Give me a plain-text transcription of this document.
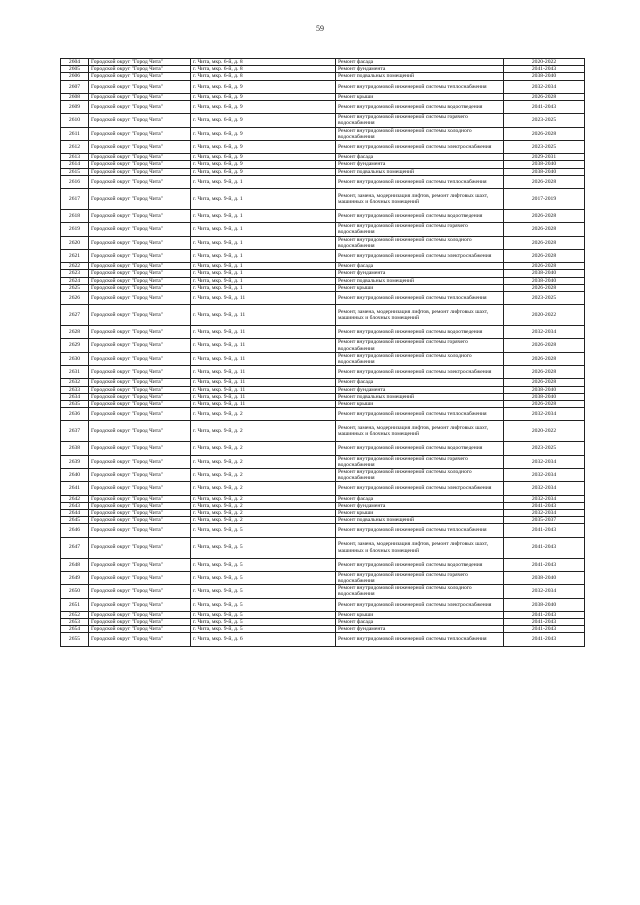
59
2604	Городской округ "Город Чита"	г. Чита, мкр. 6-й, д. 8	Ремонт фасада	2020-2022
2605	Городской округ "Город Чита"	г. Чита, мкр. 6-й, д. 8	Ремонт фундамента	2041-2043
2606	Городской округ "Город Чита"	г. Чита, мкр. 6-й, д. 8	Ремонт подвальных помещений	2038-2040
2607	Городской округ "Город Чита"	г. Чита, мкр. 6-й, д. 9	Ремонт внутридомовой инженерной системы теплоснабжения	2032-2034
2608	Городской округ "Город Чита"	г. Чита, мкр. 6-й, д. 9	Ремонт крыши	2026-2028
2609	Городской округ "Город Чита"	г. Чита, мкр. 6-й, д. 9	Ремонт внутридомовой инженерной системы водоотведения	2041-2043
2610	Городской округ "Город Чита"	г. Чита, мкр. 6-й, д. 9	Ремонт внутридомовой инженерной системы горячего водоснабжения	2023-2025
2611	Городской округ "Город Чита"	г. Чита, мкр. 6-й, д. 9	Ремонт внутридомовой инженерной системы холодного водоснабжения	2026-2028
2612	Городской округ "Город Чита"	г. Чита, мкр. 6-й, д. 9	Ремонт внутридомовой инженерной системы электроснабжения	2023-2025
2613	Городской округ "Город Чита"	г. Чита, мкр. 6-й, д. 9	Ремонт фасада	2029-2031
2614	Городской округ "Город Чита"	г. Чита, мкр. 6-й, д. 9	Ремонт фундамента	2038-2040
2615	Городской округ "Город Чита"	г. Чита, мкр. 6-й, д. 9	Ремонт подвальных помещений	2038-2040
2616	Городской округ "Город Чита"	г. Чита, мкр. 9-й, д. 1	Ремонт внутридомовой инженерной системы теплоснабжения	2026-2028
2617	Городской округ "Город Чита"	г. Чита, мкр. 9-й, д. 1	Ремонт, замена, модернизация лифтов, ремонт лифтовых шахт, машинных и блочных помещений	2017-2019
2618	Городской округ "Город Чита"	г. Чита, мкр. 9-й, д. 1	Ремонт внутридомовой инженерной системы водоотведения	2026-2028
2619	Городской округ "Город Чита"	г. Чита, мкр. 9-й, д. 1	Ремонт внутридомовой инженерной системы горячего водоснабжения	2026-2028
2620	Городской округ "Город Чита"	г. Чита, мкр. 9-й, д. 1	Ремонт внутридомовой инженерной системы холодного водоснабжения	2026-2028
2621	Городской округ "Город Чита"	г. Чита, мкр. 9-й, д. 1	Ремонт внутридомовой инженерной системы электроснабжения	2026-2028
2622	Городской округ "Город Чита"	г. Чита, мкр. 9-й, д. 1	Ремонт фасада	2026-2028
2623	Городской округ "Город Чита"	г. Чита, мкр. 9-й, д. 1	Ремонт фундамента	2038-2040
2624	Городской округ "Город Чита"	г. Чита, мкр. 9-й, д. 1	Ремонт подвальных помещений	2038-2040
2625	Городской округ "Город Чита"	г. Чита, мкр. 9-й, д. 1	Ремонт крыши	2026-2028
2626	Городской округ "Город Чита"	г. Чита, мкр. 9-й, д. 11	Ремонт внутридомовой инженерной системы теплоснабжения	2023-2025
2627	Городской округ "Город Чита"	г. Чита, мкр. 9-й, д. 11	Ремонт, замена, модернизация лифтов, ремонт лифтовых шахт, машинных и блочных помещений	2020-2022
2628	Городской округ "Город Чита"	г. Чита, мкр. 9-й, д. 11	Ремонт внутридомовой инженерной системы водоотведения	2032-2034
2629	Городской округ "Город Чита"	г. Чита, мкр. 9-й, д. 11	Ремонт внутридомовой инженерной системы горячего водоснабжения	2026-2028
2630	Городской округ "Город Чита"	г. Чита, мкр. 9-й, д. 11	Ремонт внутридомовой инженерной системы холодного водоснабжения	2026-2028
2631	Городской округ "Город Чита"	г. Чита, мкр. 9-й, д. 11	Ремонт внутридомовой инженерной системы электроснабжения	2026-2028
2632	Городской округ "Город Чита"	г. Чита, мкр. 9-й, д. 11	Ремонт фасада	2026-2028
2633	Городской округ "Город Чита"	г. Чита, мкр. 9-й, д. 11	Ремонт фундамента	2038-2040
2634	Городской округ "Город Чита"	г. Чита, мкр. 9-й, д. 11	Ремонт подвальных помещений	2038-2040
2635	Городской округ "Город Чита"	г. Чита, мкр. 9-й, д. 11	Ремонт крыши	2026-2028
2636	Городской округ "Город Чита"	г. Чита, мкр. 9-й, д. 2	Ремонт внутридомовой инженерной системы теплоснабжения	2032-2034
2637	Городской округ "Город Чита"	г. Чита, мкр. 9-й, д. 2	Ремонт, замена, модернизация лифтов, ремонт лифтовых шахт, машинных и блочных помещений	2020-2022
2638	Городской округ "Город Чита"	г. Чита, мкр. 9-й, д. 2	Ремонт внутридомовой инженерной системы водоотведения	2023-2025
2639	Городской округ "Город Чита"	г. Чита, мкр. 9-й, д. 2	Ремонт внутридомовой инженерной системы горячего водоснабжения	2032-2034
2640	Городской округ "Город Чита"	г. Чита, мкр. 9-й, д. 2	Ремонт внутридомовой инженерной системы холодного водоснабжения	2032-2034
2641	Городской округ "Город Чита"	г. Чита, мкр. 9-й, д. 2	Ремонт внутридомовой инженерной системы электроснабжения	2032-2034
2642	Городской округ "Город Чита"	г. Чита, мкр. 9-й, д. 2	Ремонт фасада	2032-2034
2643	Городской округ "Город Чита"	г. Чита, мкр. 9-й, д. 2	Ремонт фундамента	2041-2043
2644	Городской округ "Город Чита"	г. Чита, мкр. 9-й, д. 2	Ремонт крыши	2032-2034
2645	Городской округ "Город Чита"	г. Чита, мкр. 9-й, д. 2	Ремонт подвальных помещений	2035-2037
2646	Городской округ "Город Чита"	г. Чита, мкр. 9-й, д. 5	Ремонт внутридомовой инженерной системы теплоснабжения	2041-2043
2647	Городской округ "Город Чита"	г. Чита, мкр. 9-й, д. 5	Ремонт, замена, модернизация лифтов, ремонт лифтовых шахт, машинных и блочных помещений	2041-2043
2648	Городской округ "Город Чита"	г. Чита, мкр. 9-й, д. 5	Ремонт внутридомовой инженерной системы водоотведения	2041-2043
2649	Городской округ "Город Чита"	г. Чита, мкр. 9-й, д. 5	Ремонт внутридомовой инженерной системы горячего водоснабжения	2038-2040
2650	Городской округ "Город Чита"	г. Чита, мкр. 9-й, д. 5	Ремонт внутридомовой инженерной системы холодного водоснабжения	2032-2034
2651	Городской округ "Город Чита"	г. Чита, мкр. 9-й, д. 5	Ремонт внутридомовой инженерной системы электроснабжения	2038-2040
2652	Городской округ "Город Чита"	г. Чита, мкр. 9-й, д. 5	Ремонт крыши	2041-2043
2653	Городской округ "Город Чита"	г. Чита, мкр. 9-й, д. 5	Ремонт фасада	2041-2043
2654	Городской округ "Город Чита"	г. Чита, мкр. 9-й, д. 5	Ремонт фундамента	2041-2043
2655	Городской округ "Город Чита"	г. Чита, мкр. 9-й, д. 6	Ремонт внутридомовой инженерной системы теплоснабжения	2041-2043
